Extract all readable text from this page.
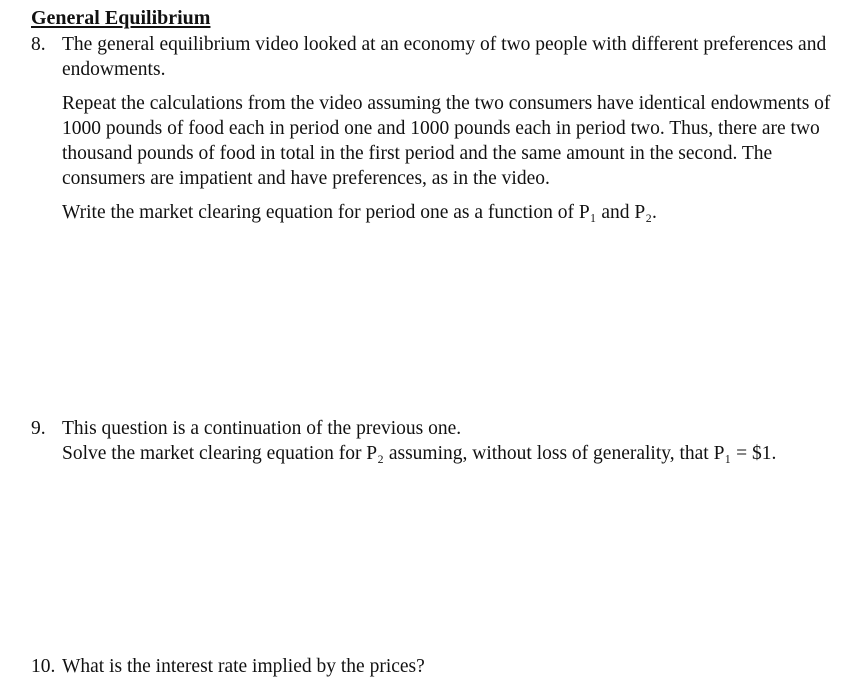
General Equilibrium
8. The general equilibrium video looked at an economy of two people with different preferences and endowments.

Repeat the calculations from the video assuming the two consumers have identical endowments of 1000 pounds of food each in period one and 1000 pounds each in period two. Thus, there are two thousand pounds of food in total in the first period and the same amount in the second. The consumers are impatient and have preferences, as in the video.

Write the market clearing equation for period one as a function of P₁ and P₂.

9. This question is a continuation of the previous one.

Solve the market clearing equation for P₂ assuming, without loss of generality, that P₁ = $1.

10. What is the interest rate implied by the prices?
